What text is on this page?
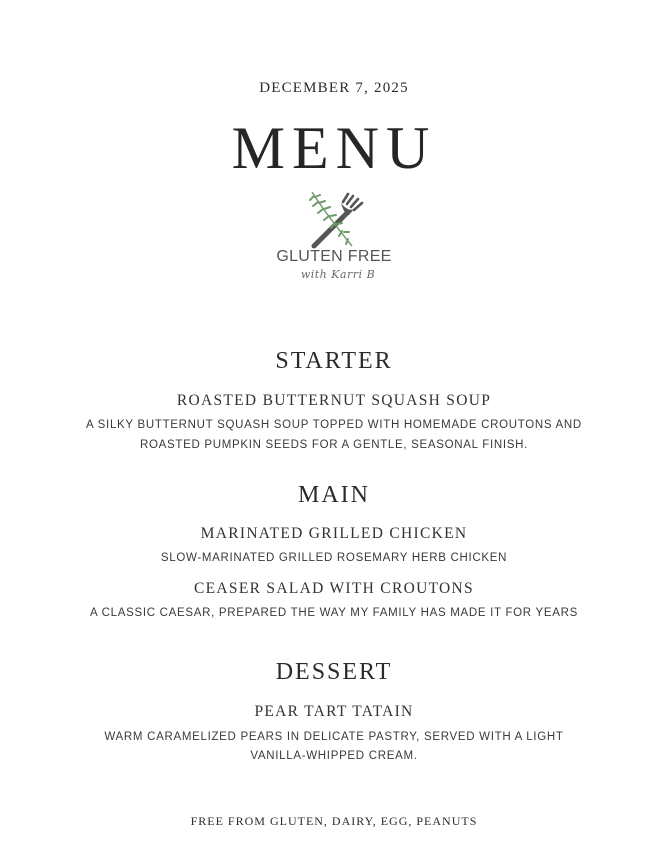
DECEMBER 7, 2025
MENU
GLUTEN FREE
with Karri B
STARTER
ROASTED BUTTERNUT SQUASH SOUP
A SILKY BUTTERNUT SQUASH SOUP TOPPED WITH HOMEMADE CROUTONS AND
ROASTED PUMPKIN SEEDS FOR A GENTLE, SEASONAL FINISH.
MAIN
MARINATED GRILLED CHICKEN
SLOW-MARINATED GRILLED ROSEMARY HERB CHICKEN
CEASER SALAD WITH CROUTONS
A CLASSIC CAESAR, PREPARED THE WAY MY FAMILY HAS MADE IT FOR YEARS
DESSERT
PEAR TART TATAIN
WARM CARAMELIZED PEARS IN DELICATE PASTRY, SERVED WITH A LIGHT
VANILLA-WHIPPED CREAM.
FREE FROM GLUTEN, DAIRY, EGG, PEANUTS
